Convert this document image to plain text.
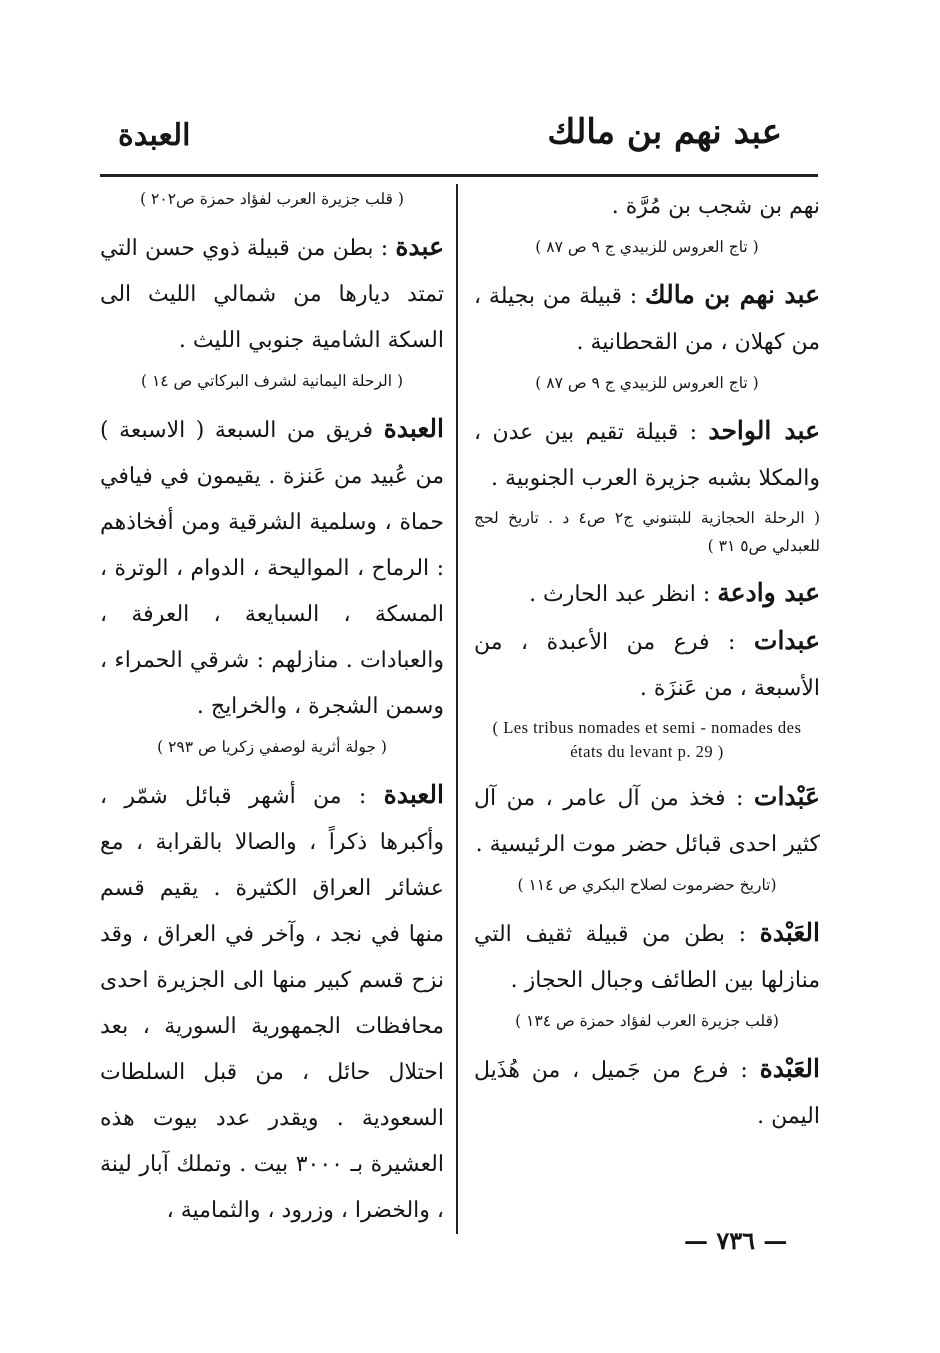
عبد نهم بن مالك
العبدة

نهم بن شجب بن مُرَّة .

( تاج العروس للزبيدي ج ٩ ص ٨٧ )

عبد نهم بن مالك : قبيلة من بجيلة ، من كهلان ، من القحطانية .

( تاج العروس للزبيدي ج ٩ ص ٨٧ )

عبد الواحد : قبيلة تقيم بين عدن ، والمكلا بشبه جزيرة العرب الجنوبية .

( الرحلة الحجازية للبتنوني ج٢ ص٤ د . تاريخ لحج للعبدلي ص٥ ٣١ )

عبد وادعة : انظر عبد الحارث .

عبدات : فرع من الأعبدة ، من الأسبعة ، من عَنزَة .

( Les tribus nomades et semi - nomades des états du levant p. 29 )

عَبْدات : فخذ من آل عامر ، من آل كثير احدى قبائل حضر موت الرئيسية .

(تاريخ حضرموت لصلاح البكري ص ١١٤ )

العَبْدة : بطن من قبيلة ثقيف التي منازلها بين الطائف وجبال الحجاز .

(قلب جزيرة العرب لفؤاد حمزة ص ١٣٤ )

العَبْدة : فرع من جَميل ، من هُذَيل اليمن .

( قلب جزيرة العرب لفؤاد حمزة ص٢٠٢ )

عبدة : بطن من قبيلة ذوي حسن التي تمتد ديارها من شمالي الليث الى السكة الشامية جنوبي الليث .

( الرحلة اليمانية لشرف البركاتي ص ١٤ )

العبدة فريق من السبعة ( الاسبعة ) من عُبيد من عَنزة . يقيمون في فيافي حماة ، وسلمية الشرقية ومن أفخاذهم : الرماح ، المواليحة ، الدوام ، الوترة ، المسكة ، السبايعة ، العرفة ، والعبادات . منازلهم : شرقي الحمراء ، وسمن الشجرة ، والخرايج .

( جولة أثرية لوصفي زكريا ص ٢٩٣ )

العبدة : من أشهر قبائل شمّر ، وأكبرها ذكراً ، والصالا بالقرابة ، مع عشائر العراق الكثيرة . يقيم قسم منها في نجد ، وآخر في العراق ، وقد نزح قسم كبير منها الى الجزيرة احدى محافظات الجمهورية السورية ، بعد احتلال حائل ، من قبل السلطات السعودية . ويقدر عدد بيوت هذه العشيرة بـ ٣٠٠٠ بيت . وتملك آبار لينة ، والخضرا ، وزرود ، والثمامية ،

— ٧٣٦ —
